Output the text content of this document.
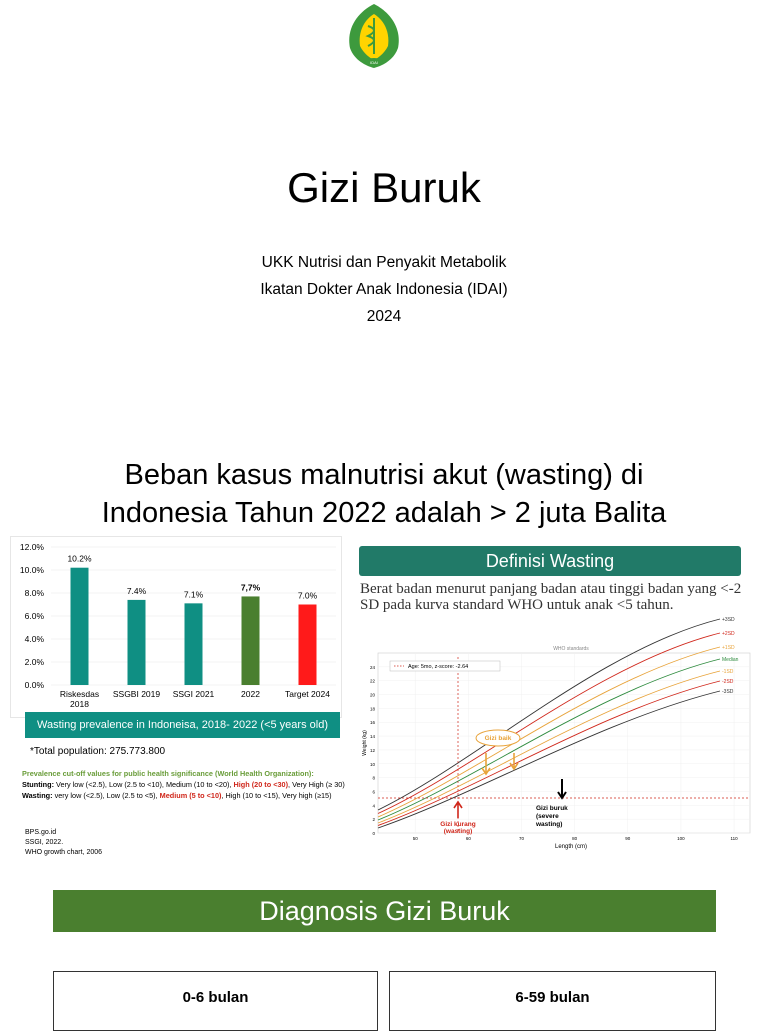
IDAI
Gizi Buruk
UKK Nutrisi dan Penyakit Metabolik
Ikatan Dokter Anak Indonesia (IDAI)
2024
Beban kasus malnutrisi akut (wasting) di
Indonesia Tahun 2022 adalah > 2 juta Balita
0.0%
2.0%
4.0%
6.0%
8.0%
10.0%
12.0%
10.2%
Riskesdas
2018
7.4%
SSGBI 2019
7.1%
SSGI 2021
7,7%
2022
7.0%
Target 2024
Wasting prevalence in Indoneisa, 2018- 2022 (<5 years old)
*Total population: 275.773.800
Prevalence cut-off values for public health significance (World Health Organization):
Stunting: Very low (<2.5), Low (2.5 to <10), Medium (10 to <20), High (20 to <30), Very High (≥ 30)
Wasting: very low (<2.5), Low (2.5 to <5), Medium (5 to <10), High (10 to <15), Very high (≥15)
BPS.go.id
SSGI, 2022.
WHO growth chart, 2006
Definisi Wasting
Berat badan menurut panjang badan atau tinggi badan yang <-2 SD pada kurva standard WHO untuk anak <5 tahun.
WHO standards
0
2
4
6
8
10
12
14
16
18
20
22
24
50	60	70	80	90	100	110
+3SD
+2SD
+1SD
Median
-1SD
-2SD
-3SD
Age: 5mo, z-score: -2.64
Weight (kg)
Length (cm)
Gizi baik
Gizi kurang
(wasting)
Gizi buruk
(severe
wasting)
Diagnosis Gizi Buruk
0-6 bulan	6-59 bulan
